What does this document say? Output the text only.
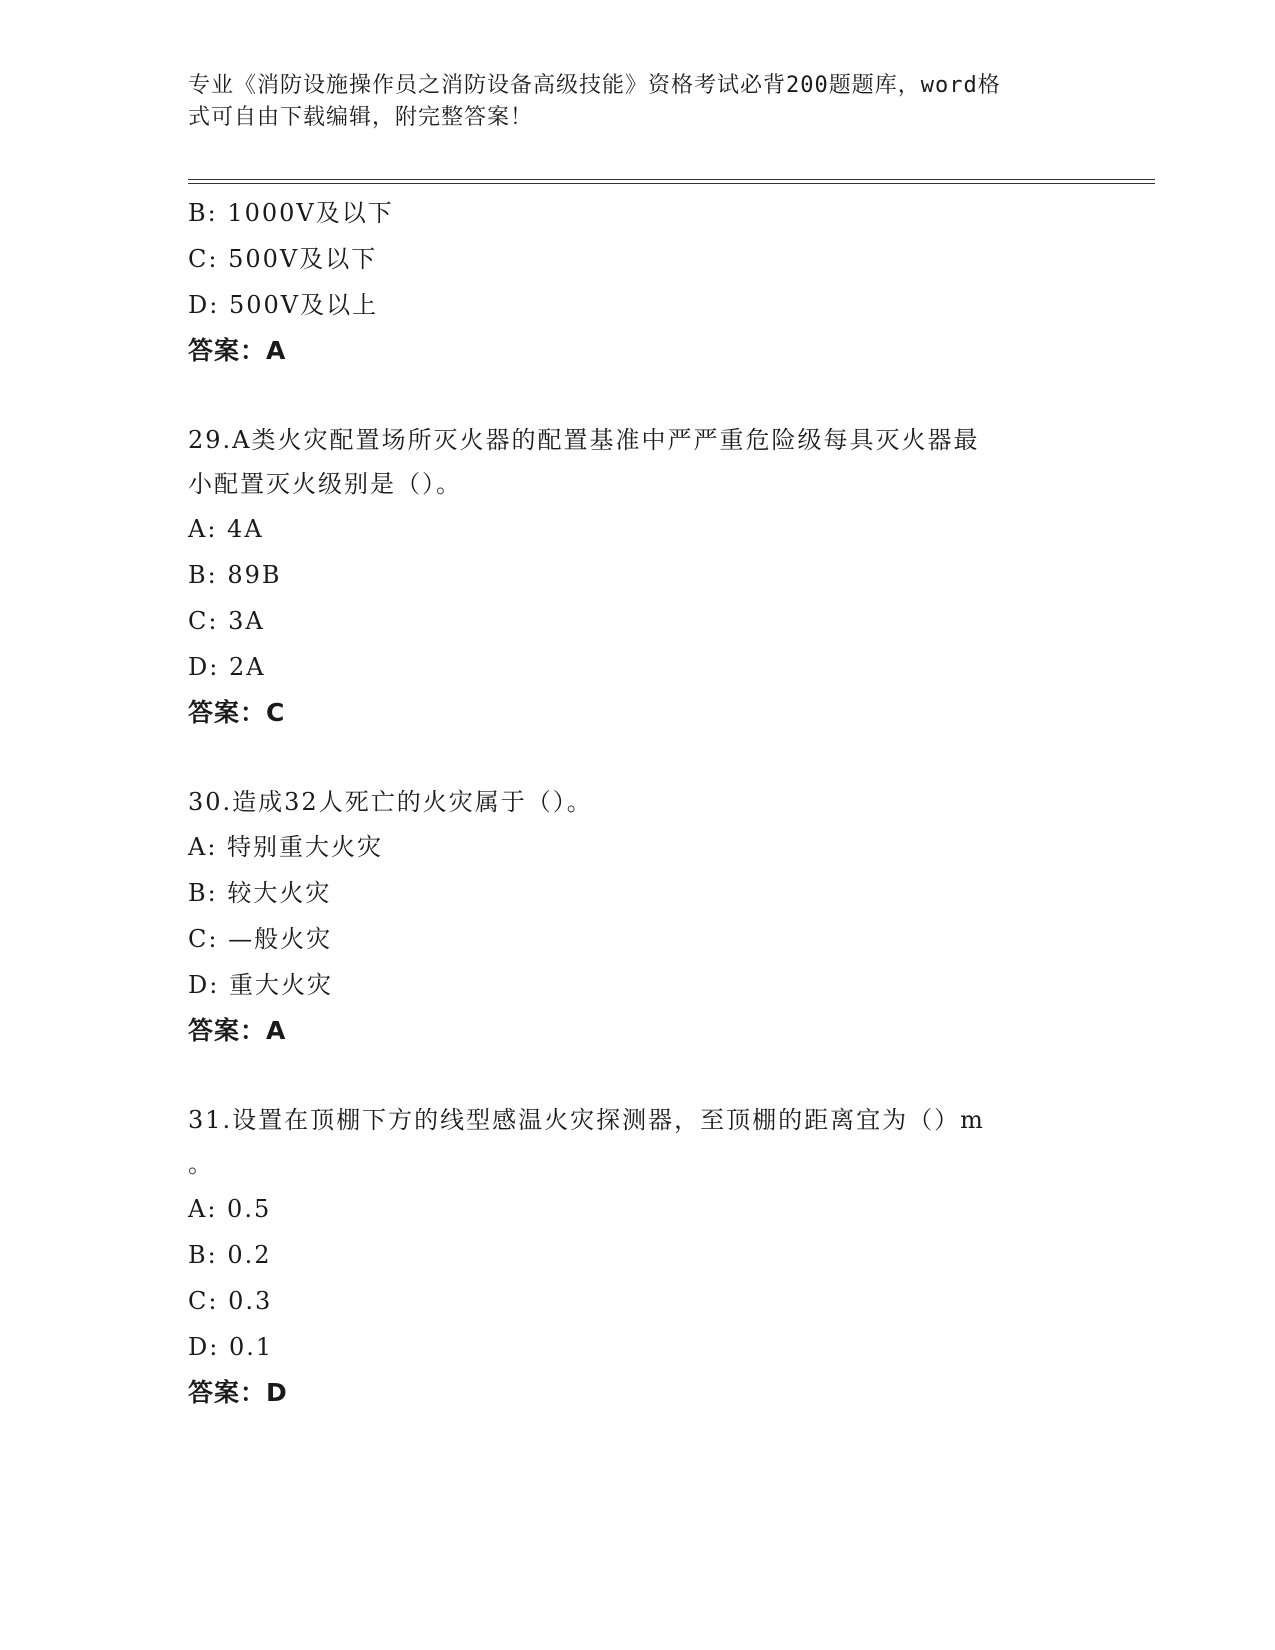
专业《消防设施操作员之消防设备高级技能》资格考试必背200题题库，word格
式可自由下载编辑，附完整答案！
B: 1000V及以下
C: 500V及以下
D: 500V及以上
答案：A
29.A类火灾配置场所灭火器的配置基准中严严重危险级每具灭火器最
小配置灭火级别是（）。
A: 4A
B: 89B
C: 3A
D: 2A
答案：C
30.造成32人死亡的火灾属于（）。
A: 特别重大火灾
B: 较大火灾
C: —般火灾
D: 重大火灾
答案：A
31.设置在顶棚下方的线型感温火灾探测器，至顶棚的距离宜为（）m
。
A: 0.5
B: 0.2
C: 0.3
D: 0.1
答案：D
